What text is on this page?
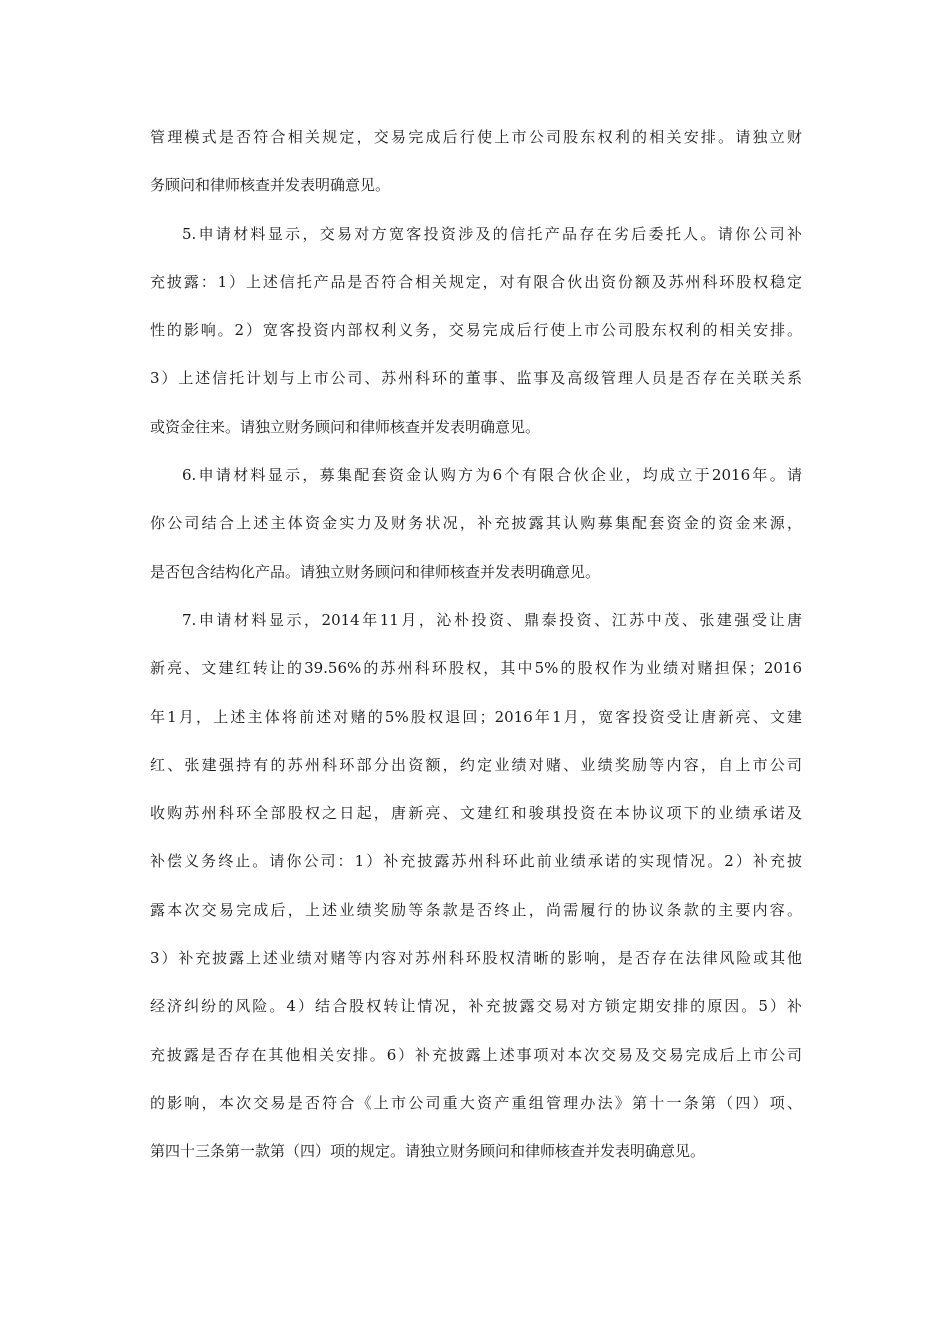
管理模式是否符合相关规定，交易完成后行使上市公司股东权利的相关安排。请独立财
务顾问和律师核查并发表明确意见。
5.申请材料显示，交易对方宽客投资涉及的信托产品存在劣后委托人。请你公司补
充披露：1）上述信托产品是否符合相关规定，对有限合伙出资份额及苏州科环股权稳定
性的影响。2）宽客投资内部权利义务，交易完成后行使上市公司股东权利的相关安排。
3）上述信托计划与上市公司、苏州科环的董事、监事及高级管理人员是否存在关联关系
或资金往来。请独立财务顾问和律师核查并发表明确意见。
6.申请材料显示，募集配套资金认购方为6个有限合伙企业，均成立于2016年。请
你公司结合上述主体资金实力及财务状况，补充披露其认购募集配套资金的资金来源，
是否包含结构化产品。请独立财务顾问和律师核查并发表明确意见。
7.申请材料显示，2014年11月，沁朴投资、鼎泰投资、江苏中茂、张建强受让唐
新亮、文建红转让的39.56%的苏州科环股权，其中5%的股权作为业绩对赌担保；2016
年1月，上述主体将前述对赌的5%股权退回；2016年1月，宽客投资受让唐新亮、文建
红、张建强持有的苏州科环部分出资额，约定业绩对赌、业绩奖励等内容，自上市公司
收购苏州科环全部股权之日起，唐新亮、文建红和骏琪投资在本协议项下的业绩承诺及
补偿义务终止。请你公司：1）补充披露苏州科环此前业绩承诺的实现情况。2）补充披
露本次交易完成后，上述业绩奖励等条款是否终止，尚需履行的协议条款的主要内容。
3）补充披露上述业绩对赌等内容对苏州科环股权清晰的影响，是否存在法律风险或其他
经济纠纷的风险。4）结合股权转让情况，补充披露交易对方锁定期安排的原因。5）补
充披露是否存在其他相关安排。6）补充披露上述事项对本次交易及交易完成后上市公司
的影响，本次交易是否符合《上市公司重大资产重组管理办法》第十一条第（四）项、
第四十三条第一款第（四）项的规定。请独立财务顾问和律师核查并发表明确意见。
